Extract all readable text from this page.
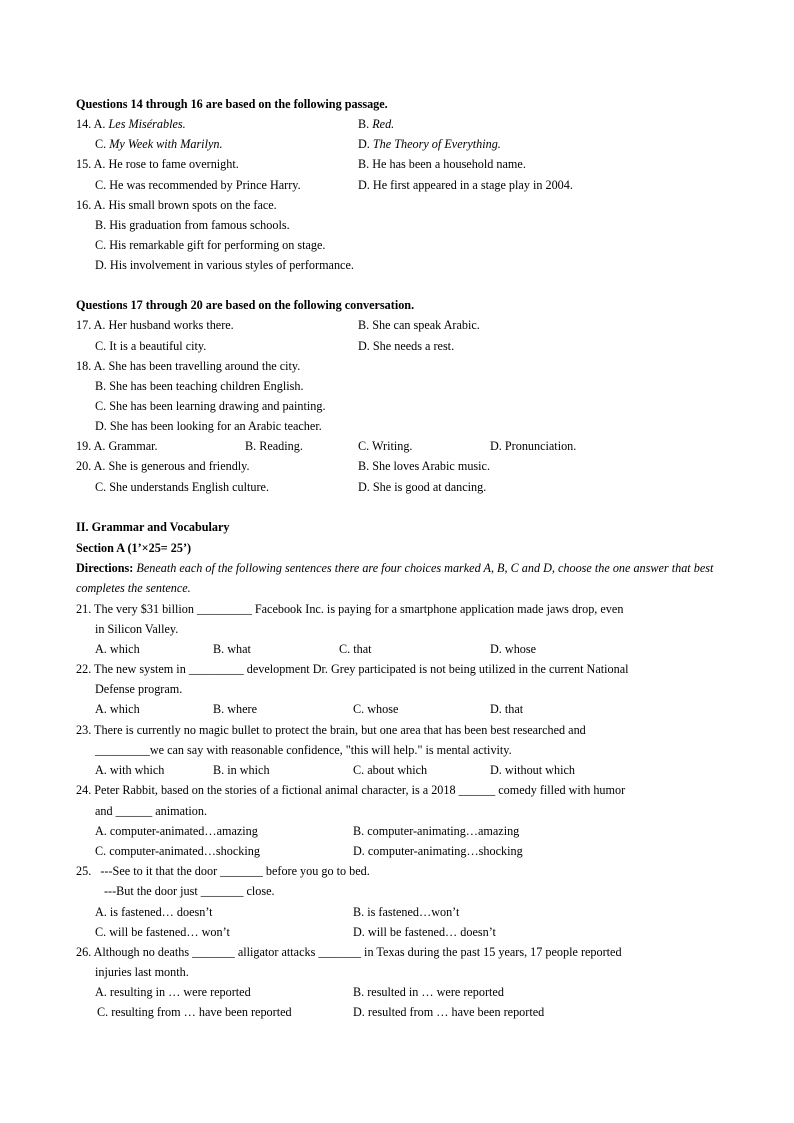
Questions 14 through 16 are based on the following passage.
14. A. Les Misérables.	B. Red.
C. My Week with Marilyn.	D. The Theory of Everything.
15. A. He rose to fame overnight.	B. He has been a household name.
C. He was recommended by Prince Harry.	D. He first appeared in a stage play in 2004.
16. A. His small brown spots on the face.
B. His graduation from famous schools.
C. His remarkable gift for performing on stage.
D. His involvement in various styles of performance.
Questions 17 through 20 are based on the following conversation.
17. A. Her husband works there.	B. She can speak Arabic.
C. It is a beautiful city.	D. She needs a rest.
18. A. She has been travelling around the city.
B. She has been teaching children English.
C. She has been learning drawing and painting.
D. She has been looking for an Arabic teacher.
19. A. Grammar.	B. Reading.	C. Writing.	D. Pronunciation.
20. A. She is generous and friendly.	B. She loves Arabic music.
C. She understands English culture.	D. She is good at dancing.
II. Grammar and Vocabulary
Section A (1’×25= 25’)
Directions: Beneath each of the following sentences there are four choices marked A, B, C and D, choose the one answer that best completes the sentence.
21. The very $31 billion _________ Facebook Inc. is paying for a smartphone application made jaws drop, even
in Silicon Valley.
A. which	B. what	C. that	D. whose
22. The new system in _________ development Dr. Grey participated is not being utilized in the current National
Defense program.
A. which	B. where	C. whose	D. that
23. There is currently no magic bullet to protect the brain, but one area that has been best researched and
_________we can say with reasonable confidence, "this will help." is mental activity.
A. with which	B. in which	C. about which	D. without which
24. Peter Rabbit, based on the stories of a fictional animal character, is a 2018 ______ comedy filled with humor
and ______ animation.
A. computer-animated…amazing	B. computer-animating…amazing
C. computer-animated…shocking	D. computer-animating…shocking
25.   ---See to it that the door _______ before you go to bed.
---But the door just _______ close.
A. is fastened… doesn’t	B. is fastened…won’t
C. will be fastened… won’t	D. will be fastened… doesn’t
26. Although no deaths _______ alligator attacks _______ in Texas during the past 15 years, 17 people reported
injuries last month.
A. resulting in … were reported	B. resulted in … were reported
C. resulting from … have been reported	D. resulted from … have been reported
